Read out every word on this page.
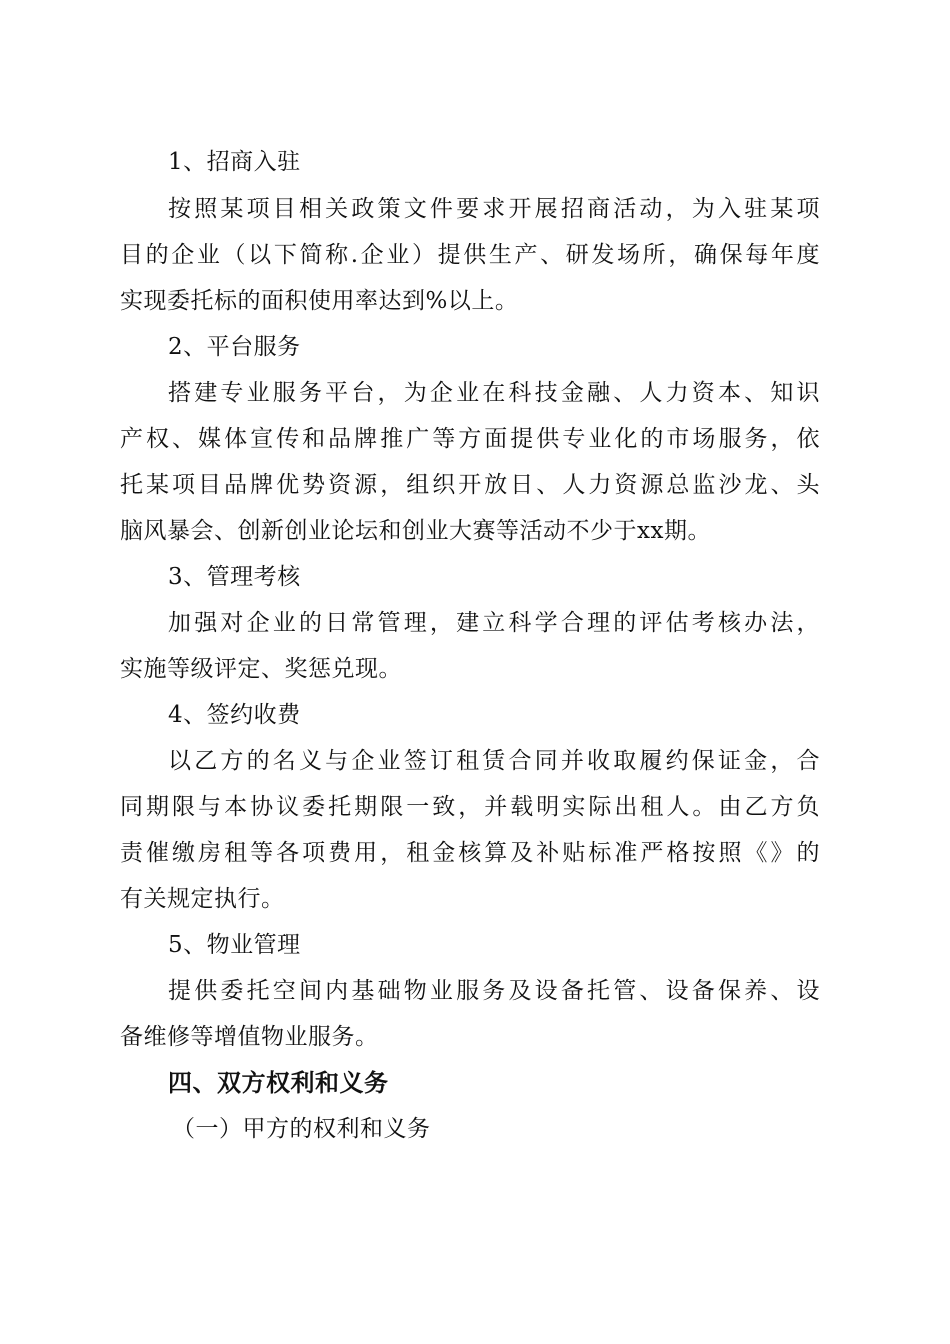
1、招商入驻
按照某项目相关政策文件要求开展招商活动，为入驻某项
目的企业（以下简称.企业）提供生产、研发场所，确保每年度
实现委托标的面积使用率达到%以上。
2、平台服务
搭建专业服务平台，为企业在科技金融、人力资本、知识
产权、媒体宣传和品牌推广等方面提供专业化的市场服务，依
托某项目品牌优势资源，组织开放日、人力资源总监沙龙、头
脑风暴会、创新创业论坛和创业大赛等活动不少于xx期。
3、管理考核
加强对企业的日常管理，建立科学合理的评估考核办法，
实施等级评定、奖惩兑现。
4、签约收费
以乙方的名义与企业签订租赁合同并收取履约保证金，合
同期限与本协议委托期限一致，并载明实际出租人。由乙方负
责催缴房租等各项费用，租金核算及补贴标准严格按照《》的
有关规定执行。
5、物业管理
提供委托空间内基础物业服务及设备托管、设备保养、设
备维修等增值物业服务。
四、双方权利和义务
（一）甲方的权利和义务
